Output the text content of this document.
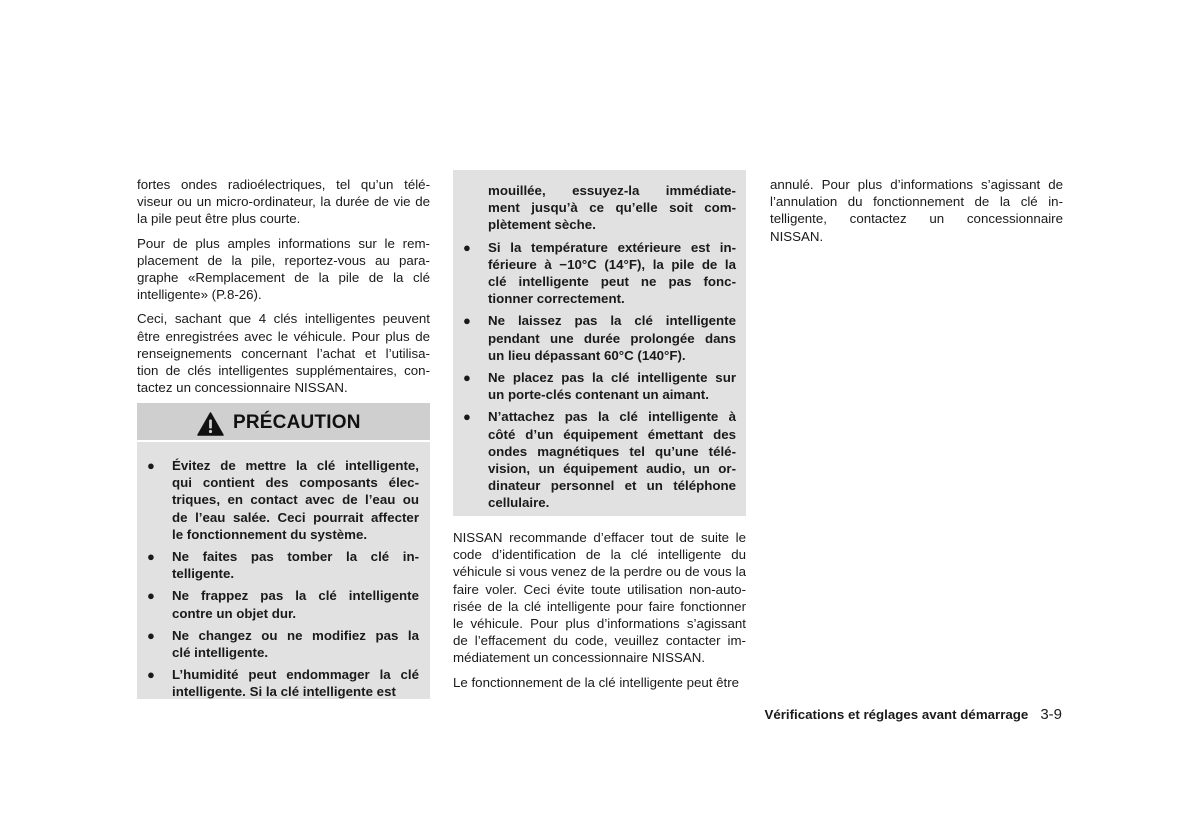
fortes ondes radioélectriques, tel qu’un télé-
viseur ou un micro-ordinateur, la durée de vie de
la pile peut être plus courte.

Pour de plus amples informations sur le rem-
placement de la pile, reportez-vous au para-
graphe «Remplacement de la pile de la clé
intelligente» (P.8-26).

Ceci, sachant que 4 clés intelligentes peuvent
être enregistrées avec le véhicule. Pour plus de
renseignements concernant l’achat et l’utilisa-
tion de clés intelligentes supplémentaires, con-
tactez un concessionnaire NISSAN.

PRÉCAUTION
● Évitez de mettre la clé intelligente,
qui contient des composants élec-
triques, en contact avec de l’eau ou
de l’eau salée. Ceci pourrait affecter
le fonctionnement du système.
● Ne faites pas tomber la clé in-
telligente.
● Ne frappez pas la clé intelligente
contre un objet dur.
● Ne changez ou ne modifiez pas la
clé intelligente.
● L’humidité peut endommager la clé
intelligente. Si la clé intelligente est
mouillée, essuyez-la immédiate-
ment jusqu’à ce qu’elle soit com-
plètement sèche.
● Si la température extérieure est in-
férieure à −10°C (14°F), la pile de la
clé intelligente peut ne pas fonc-
tionner correctement.
● Ne laissez pas la clé intelligente
pendant une durée prolongée dans
un lieu dépassant 60°C (140°F).
● Ne placez pas la clé intelligente sur
un porte-clés contenant un aimant.
● N’attachez pas la clé intelligente à
côté d’un équipement émettant des
ondes magnétiques tel qu’une télé-
vision, un équipement audio, un or-
dinateur personnel et un téléphone
cellulaire.

NISSAN recommande d’effacer tout de suite le
code d’identification de la clé intelligente du
véhicule si vous venez de la perdre ou de vous la
faire voler. Ceci évite toute utilisation non-auto-
risée de la clé intelligente pour faire fonctionner
le véhicule. Pour plus d’informations s’agissant
de l’effacement du code, veuillez contacter im-
médiatement un concessionnaire NISSAN.

Le fonctionnement de la clé intelligente peut être

annulé. Pour plus d’informations s’agissant de
l’annulation du fonctionnement de la clé in-
telligente, contactez un concessionnaire
NISSAN.

Vérifications et réglages avant démarrage 3-9
